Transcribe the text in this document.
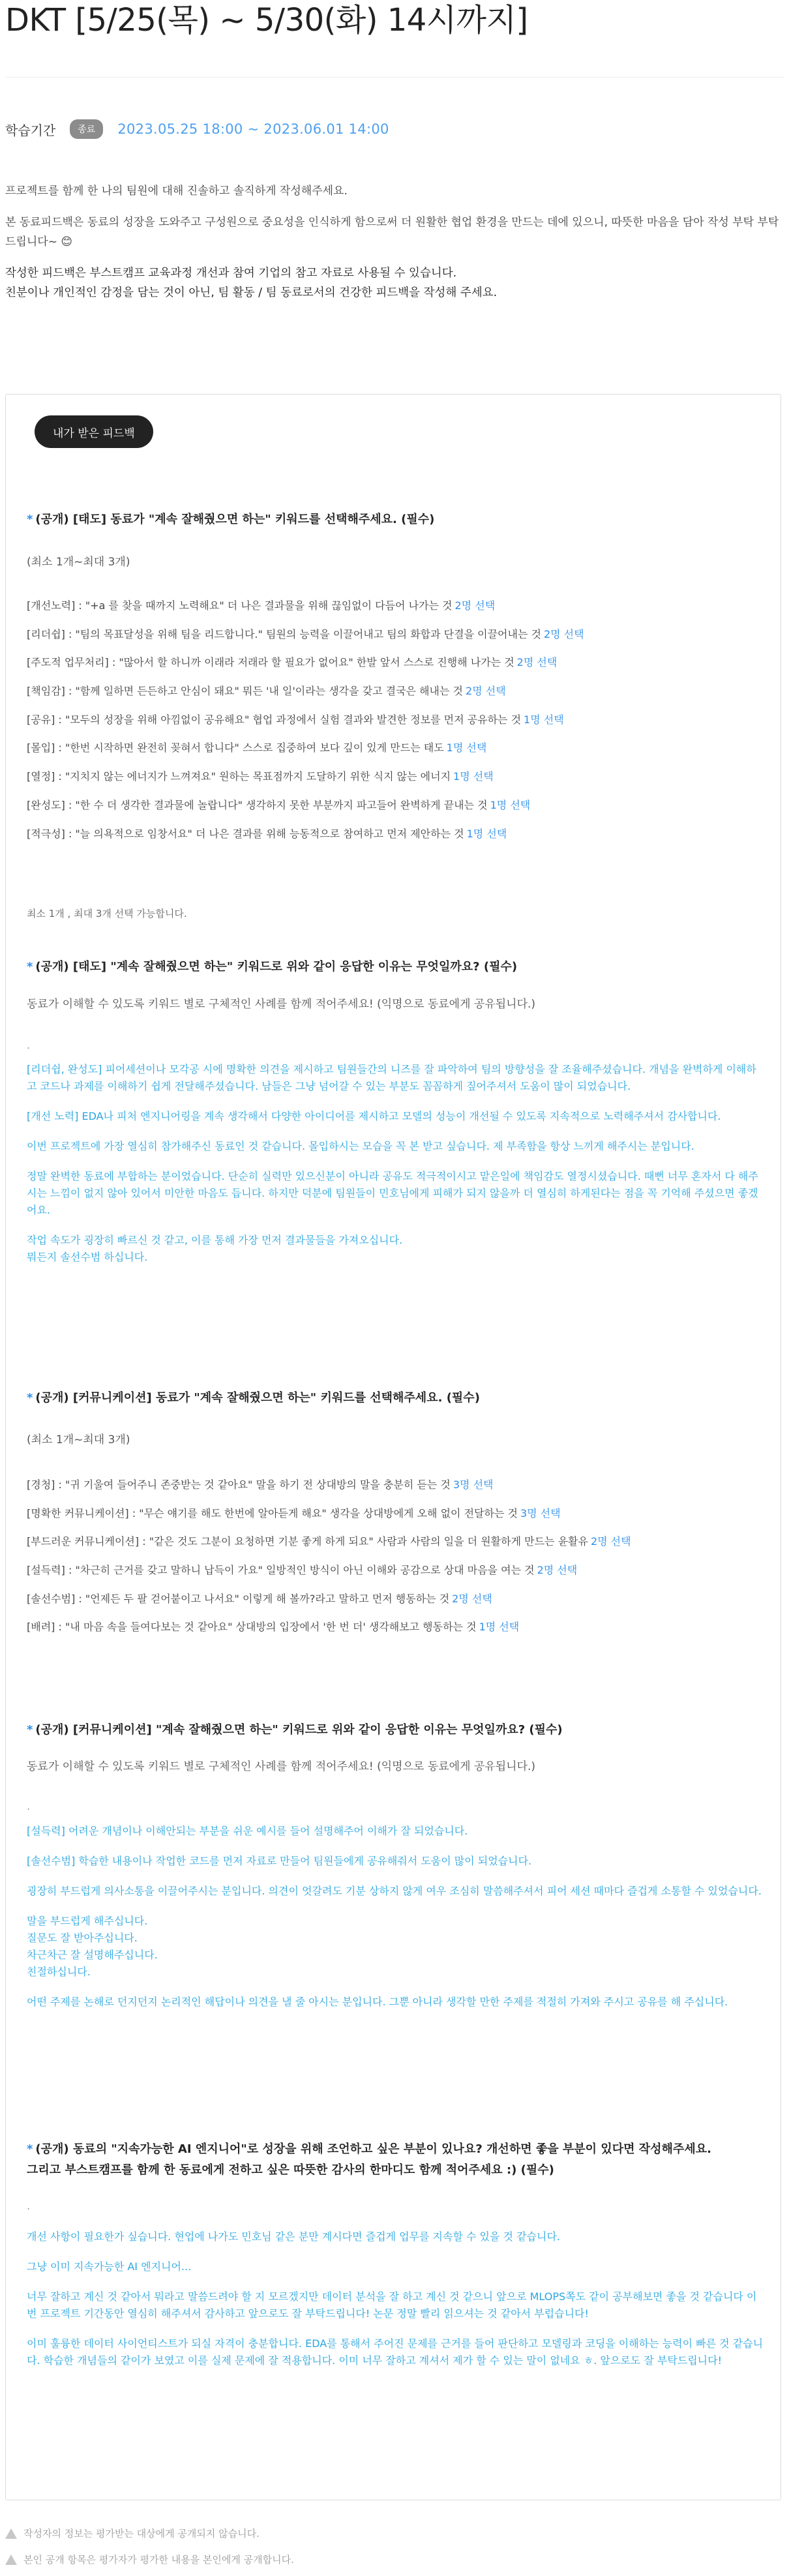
DKT [5/25(목) ~ 5/30(화) 14시까지]
학습기간	종료	2023.05.25 18:00 ~ 2023.06.01 14:00

프로젝트를 함께 한 나의 팀원에 대해 진솔하고 솔직하게 작성해주세요.

본 동료피드백은 동료의 성장을 도와주고 구성원으로 중요성을 인식하게 함으로써 더 원활한 협업 환경을 만드는 데에 있으니, 따뜻한 마음을 담아 작성 부탁 부탁드립니다~ 😊

작성한 피드백은 부스트캠프 교육과정 개선과 참여 기업의 참고 자료로 사용될 수 있습니다.

친분이나 개인적인 감정을 담는 것이 아닌, 팀 활동 / 팀 동료로서의 건강한 피드백을 작성해 주세요.

내가 받은 피드백
* (공개) [태도] 동료가 "계속 잘해줬으면 하는" 키워드를 선택해주세요. (필수)
(최소 1개~최대 3개)
[개선노력] : "+a 를 찾을 때까지 노력해요" 더 나은 결과물을 위해 끊임없이 다듬어 나가는 것 2명 선택
[리더쉽] : "팀의 목표달성을 위해 팀을 리드합니다." 팀원의 능력을 이끌어내고 팀의 화합과 단결을 이끌어내는 것 2명 선택
[주도적 업무처리] : "많아서 할 하니까 이래라 저래라 할 필요가 없어요" 한발 앞서 스스로 진행해 나가는 것 2명 선택
[책임감] : "함께 일하면 든든하고 안심이 돼요" 뭐든 '내 일'이라는 생각을 갖고 결국은 해내는 것 2명 선택
[공유] : "모두의 성장을 위해 아낌없이 공유해요" 협업 과정에서 실험 결과와 발견한 정보를 먼저 공유하는 것 1명 선택
[몰입] : "한번 시작하면 완전히 꽂혀서 합니다" 스스로 집중하여 보다 깊이 있게 만드는 태도 1명 선택
[열정] : "지치지 않는 에너지가 느껴져요" 원하는 목표점까지 도달하기 위한 식지 않는 에너지 1명 선택
[완성도] : "한 수 더 생각한 결과물에 놀랍니다" 생각하지 못한 부분까지 파고들어 완벽하게 끝내는 것 1명 선택
[적극성] : "늘 의욕적으로 임창서요" 더 나은 결과를 위해 능동적으로 참여하고 먼저 제안하는 것 1명 선택
최소 1개 , 최대 3개 선택 가능합니다.
* (공개) [태도] "계속 잘해줬으면 하는" 키워드로 위와 같이 응답한 이유는 무엇일까요? (필수)
동료가 이해할 수 있도록 키워드 별로 구체적인 사례를 함께 적어주세요! (익명으로 동료에게 공유됩니다.)
.

[리더쉽, 완성도] 피어세션이나 모각공 시에 명확한 의견을 제시하고 팀원들간의 니즈를 잘 파악하여 팀의 방향성을 잘 조율해주셨습니다. 개념을 완벽하게 이해하고 코드나 과제를 이해하기 쉽게 전달해주셨습니다. 남들은 그냥 넘어갈 수 있는 부분도 꼼꼼하게 짚어주셔서 도움이 많이 되었습니다.

[개선 노력] EDA나 피처 엔지니어링을 계속 생각해서 다양한 아이디어를 제시하고 모델의 성능이 개선될 수 있도록 지속적으로 노력해주셔서 감사합니다.

이번 프로젝트에 가장 열심히 참가해주신 동료인 것 같습니다. 몰입하시는 모습을 꼭 본 받고 싶습니다. 제 부족함을 항상 느끼게 해주시는 분입니다.

정말 완벽한 동료에 부합하는 분이었습니다. 단순히 실력만 있으신분이 아니라 공유도 적극적이시고 맡은일에 책임감도 열정시셨습니다. 때뻔 너무 혼자서 다 해주시는 느낌이 없지 않아 있어서 미안한 마음도 듭니다. 하지만 덕분에 팀원들이 민호님에게 피해가 되지 않을까 더 열심히 하게된다는 점을 꼭 기억해 주셨으면 좋겠어요.

작업 속도가 굉장히 빠르신 것 같고, 이를 통해 가장 먼저 결과물들을 가져오십니다.
뭐든지 솔선수범 하십니다.

* (공개) [커뮤니케이션] 동료가 "계속 잘해줬으면 하는" 키워드를 선택해주세요. (필수)
(최소 1개~최대 3개)
[경청] : "귀 기울여 들어주니 존중받는 것 같아요" 말을 하기 전 상대방의 말을 충분히 듣는 것 3명 선택
[명확한 커뮤니케이션] : "무슨 얘기를 해도 한번에 알아듣게 해요" 생각을 상대방에게 오해 없이 전달하는 것 3명 선택
[부드러운 커뮤니케이션] : "같은 것도 그분이 요청하면 기분 좋게 하게 되요" 사람과 사람의 일을 더 원활하게 만드는 윤활유 2명 선택
[설득력] : "차근히 근거를 갖고 말하니 납득이 가요" 일방적인 방식이 아닌 이해와 공감으로 상대 마음을 여는 것 2명 선택
[솔선수범] : "언제든 두 팔 걷어붙이고 나서요" 이렇게 해 볼까?라고 말하고 먼저 행동하는 것 2명 선택
[배려] : "내 마음 속을 들여다보는 것 같아요" 상대방의 입장에서 '한 번 더' 생각해보고 행동하는 것 1명 선택
* (공개) [커뮤니케이션] "계속 잘해줬으면 하는" 키워드로 위와 같이 응답한 이유는 무엇일까요? (필수)
동료가 이해할 수 있도록 키워드 별로 구체적인 사례를 함께 적어주세요! (익명으로 동료에게 공유됩니다.)
.

[설득력] 어려운 개념이나 이해안되는 부분을 쉬운 예시를 들어 설명해주어 이해가 잘 되었습니다.

[솔선수범] 학습한 내용이나 작업한 코드를 먼저 자료로 만들어 팀원들에게 공유해줘서 도움이 많이 되었습니다.

굉장히 부드럽게 의사소통을 이끌어주시는 분입니다. 의견이 엇갈려도 기분 상하지 않게 여우 조심히 말씀해주셔서 피어 세션 때마다 즐겁게 소통할 수 있었습니다.

말을 부드럽게 해주십니다.
질문도 잘 받아주십니다.
차근차근 잘 설명해주십니다.
친절하십니다.

어떤 주제를 논해로 던지던지 논리적인 해답이나 의견을 낼 줄 아시는 분입니다. 그뿐 아니라 생각할 만한 주제를 적절히 가져와 주시고 공유를 해 주십니다.

* (공개) 동료의 "지속가능한 AI 엔지니어"로 성장을 위해 조언하고 싶은 부분이 있나요? 개선하면 좋을 부분이 있다면 작성해주세요.
그리고 부스트캠프를 함께 한 동료에게 전하고 싶은 따뜻한 감사의 한마디도 함께 적어주세요 :) (필수)
.

개선 사항이 필요한가 싶습니다. 현업에 나가도 민호님 같은 분만 계시다면 즐겁게 업무를 지속할 수 있을 것 같습니다.

그냥 이미 지속가능한 AI 엔지니어...

너무 잘하고 계신 것 같아서 뭐라고 말씀드려야 할 지 모르겠지만 데이터 분석을 잘 하고 계신 것 같으니 앞으로 MLOPS쪽도 같이 공부해보면 좋을 것 같습니다 이번 프로젝트 기간동안 열심히 해주셔서 감사하고 앞으로도 잘 부탁드립니다! 논문 정말 빨리 읽으셔는 것 같아서 부럽습니다!

이미 훌륭한 데이터 사이언티스트가 되실 자격이 충분합니다. EDA를 통해서 주어진 문제를 근거를 들어 판단하고 모델링과 코딩을 이해하는 능력이 빠른 것 같습니다. 학습한 개념들의 같이가 보였고 이를 실제 문제에 잘 적용합니다. 이미 너무 잘하고 계셔서 제가 할 수 있는 말이 없네요 ㅎ. 앞으로도 잘 부탁드립니다!

작성자의 정보는 평가받는 대상에게 공개되지 않습니다.
본인 공개 항목은 평가자가 평가한 내용을 본인에게 공개합니다.
